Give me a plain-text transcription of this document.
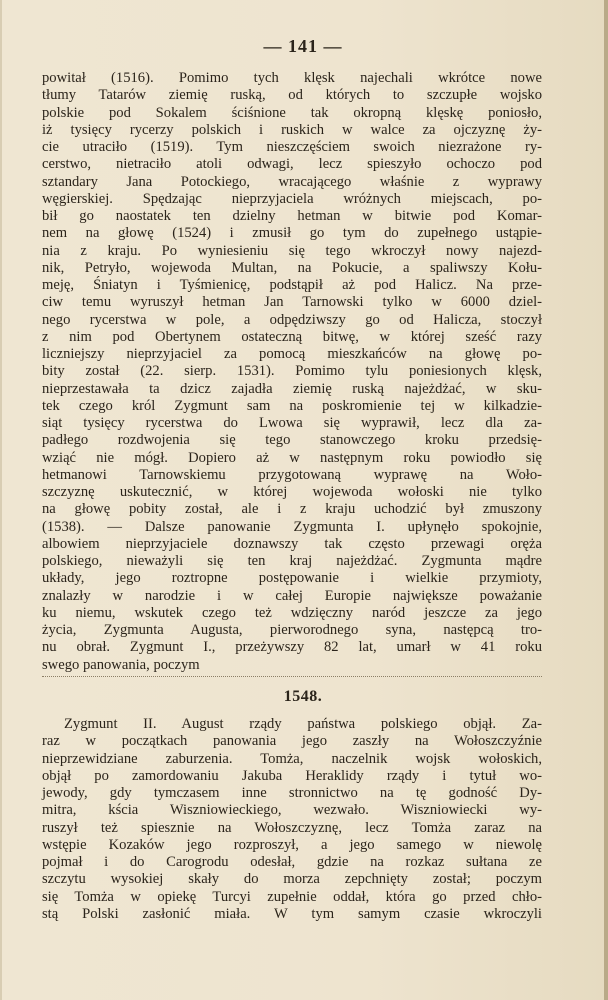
— 141 —
powitał (1516). Pomimo tych klęsk najechali wkrótce nowe
tłumy Tatarów ziemię ruską, od których to szczupłe wojsko
polskie pod Sokalem ściśnione tak okropną klęskę poniosło,
iż tysięcy rycerzy polskich i ruskich w walce za ojczyznę ży-
cie utraciło (1519). Tym nieszczęściem swoich niezrażone ry-
cerstwo, nietraciło atoli odwagi, lecz spieszyło ochoczo pod
sztandary Jana Potockiego, wracającego właśnie z wyprawy
węgierskiej. Spędzając nieprzyjaciela wróżnych miejscach, po-
bił go naostatek ten dzielny hetman w bitwie pod Komar-
nem na głowę (1524) i zmusił go tym do zupełnego ustąpie-
nia z kraju. Po wyniesieniu się tego wkroczył nowy najezd-
nik, Petryło, wojewoda Multan, na Pokucie, a spaliwszy Kołu-
meję, Śniatyn i Tyśmienicę, podstąpił aż pod Halicz. Na prze-
ciw temu wyruszył hetman Jan Tarnowski tylko w 6000 dziel-
nego rycerstwa w pole, a odpędziwszy go od Halicza, stoczył
z nim pod Obertynem ostateczną bitwę, w której sześć razy
liczniejszy nieprzyjaciel za pomocą mieszkańców na głowę po-
bity został (22. sierp. 1531). Pomimo tylu poniesionych klęsk,
nieprzestawała ta dzicz zajadła ziemię ruską najeżdżać, w sku-
tek czego król Zygmunt sam na poskromienie tej w kilkadzie-
siąt tysięcy rycerstwa do Lwowa się wyprawił, lecz dla za-
padłego rozdwojenia się tego stanowczego kroku przedsię-
wziąć nie mógł. Dopiero aż w następnym roku powiodło się
hetmanowi Tarnowskiemu przygotowaną wyprawę na Woło-
szczyznę uskutecznić, w której wojewoda wołoski nie tylko
na głowę pobity został, ale i z kraju uchodzić był zmuszony
(1538). — Dalsze panowanie Zygmunta I. upłynęło spokojnie,
albowiem nieprzyjaciele doznawszy tak często przewagi oręża
polskiego, nieważyli się ten kraj najeżdżać. Zygmunta mądre
układy, jego roztropne postępowanie i wielkie przymioty,
znalazły w narodzie i w całej Europie największe poważanie
ku niemu, wskutek czego też wdzięczny naród jeszcze za jego
życia, Zygmunta Augusta, pierworodnego syna, następcą tro-
nu obrał. Zygmunt I., przeżywszy 82 lat, umarł w 41 roku
swego panowania, poczym
1548.
Zygmunt II. August rządy państwa polskiego objął. Za-
raz w początkach panowania jego zaszły na Wołoszczyźnie
nieprzewidziane zaburzenia. Tomża, naczelnik wojsk wołoskich,
objął po zamordowaniu Jakuba Heraklidy rządy i tytuł wo-
jewody, gdy tymczasem inne stronnictwo na tę godność Dy-
mitra, kścia Wiszniowieckiego, wezwało. Wiszniowiecki wy-
ruszył też spiesznie na Wołoszczyznę, lecz Tomża zaraz na
wstępie Kozaków jego rozproszył, a jego samego w niewolę
pojmał i do Carogrodu odesłał, gdzie na rozkaz sułtana ze
szczytu wysokiej skały do morza zepchnięty został; poczym
się Tomża w opiekę Turcyi zupełnie oddał, która go przed chło-
stą Polski zasłonić miała. W tym samym czasie wkroczyli
